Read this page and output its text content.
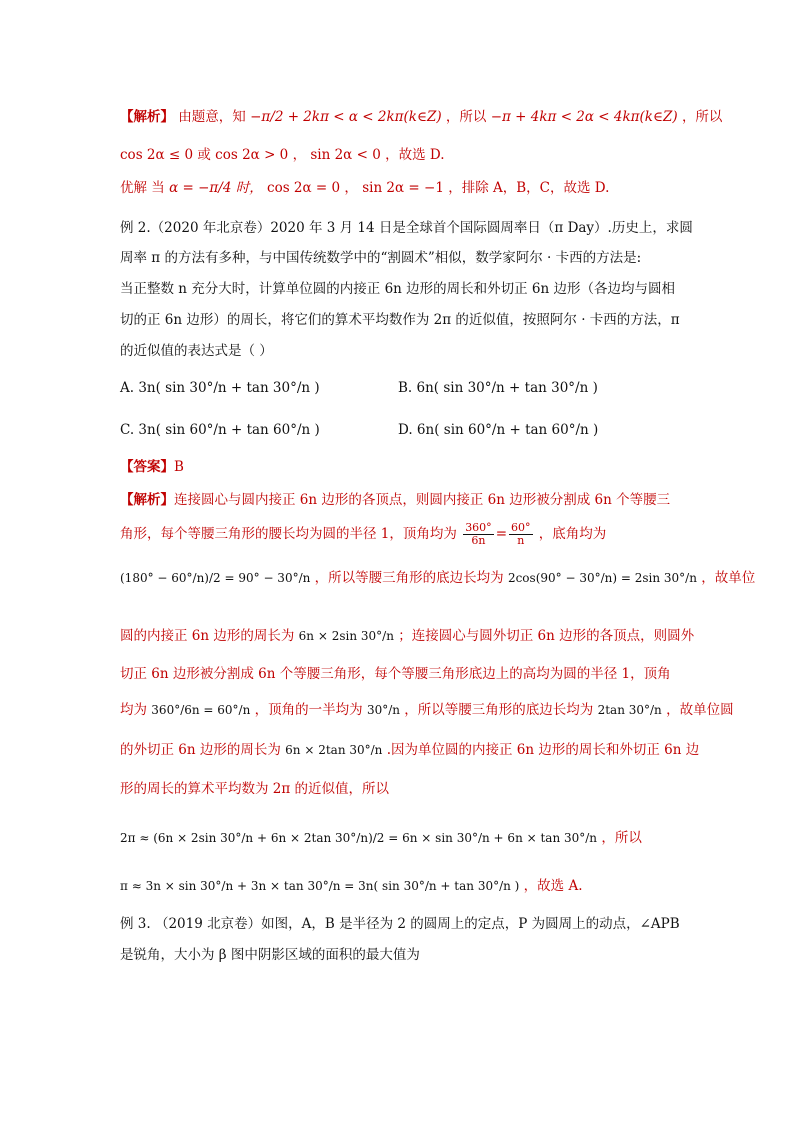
【解析】 由题意，知 −π/2 + 2kπ < α < 2kπ(k∈Z) ，所以 −π + 4kπ < 2α < 4kπ(k∈Z) ，所以
cos 2α ≤ 0 或 cos 2α > 0 ， sin 2α < 0 ，故选 D.
优解 当 α = −π/4 时， cos 2α = 0 ， sin 2α = −1 ，排除 A，B，C，故选 D.
例 2.（2020 年北京卷）2020 年 3 月 14 日是全球首个国际圆周率日（π Day）.历史上，求圆
周率 π 的方法有多种，与中国传统数学中的“割圆术”相似，数学家阿尔 · 卡西的方法是:
当正整数 n 充分大时，计算单位圆的内接正 6n 边形的周长和外切正 6n 边形（各边均与圆相
切的正 6n 边形）的周长，将它们的算术平均数作为 2π 的近似值，按照阿尔 · 卡西的方法，π
的近似值的表达式是（ ）
A. 3n( sin 30°/n + tan 30°/n )	B. 6n( sin 30°/n + tan 30°/n )
C. 3n( sin 60°/n + tan 60°/n )	D. 6n( sin 60°/n + tan 60°/n )
【答案】B
【解析】连接圆心与圆内接正 6n 边形的各顶点，则圆内接正 6n 边形被分割成 6n 个等腰三
角形，每个等腰三角形的腰长均为圆的半径 1，顶角均为 $\frac{360^\circ}{6n} = \frac{60^\circ}{n}$ ，底角均为
(180° − 60°/n)/2 = 90° − 30°/n ，所以等腰三角形的底边长均为 2cos(90° − 30°/n) = 2sin 30°/n ，故单位
圆的内接正 6n 边形的周长为 6n × 2sin 30°/n ；连接圆心与圆外切正 6n 边形的各顶点，则圆外
切正 6n 边形被分割成 6n 个等腰三角形，每个等腰三角形底边上的高均为圆的半径 1，顶角
均为 360°/6n = 60°/n ，顶角的一半均为 30°/n ，所以等腰三角形的底边长均为 2tan 30°/n ，故单位圆
的外切正 6n 边形的周长为 6n × 2tan 30°/n .因为单位圆的内接正 6n 边形的周长和外切正 6n 边
形的周长的算术平均数为 2π 的近似值，所以
2π ≈ (6n × 2sin 30°/n + 6n × 2tan 30°/n)/2 = 6n × sin 30°/n + 6n × tan 30°/n ，所以
π ≈ 3n × sin 30°/n + 3n × tan 30°/n = 3n( sin 30°/n + tan 30°/n ) ，故选 A.
例 3. （2019 北京卷）如图，A，B 是半径为 2 的圆周上的定点，P 为圆周上的动点，∠APB
是锐角，大小为 β 图中阴影区域的面积的最大值为
